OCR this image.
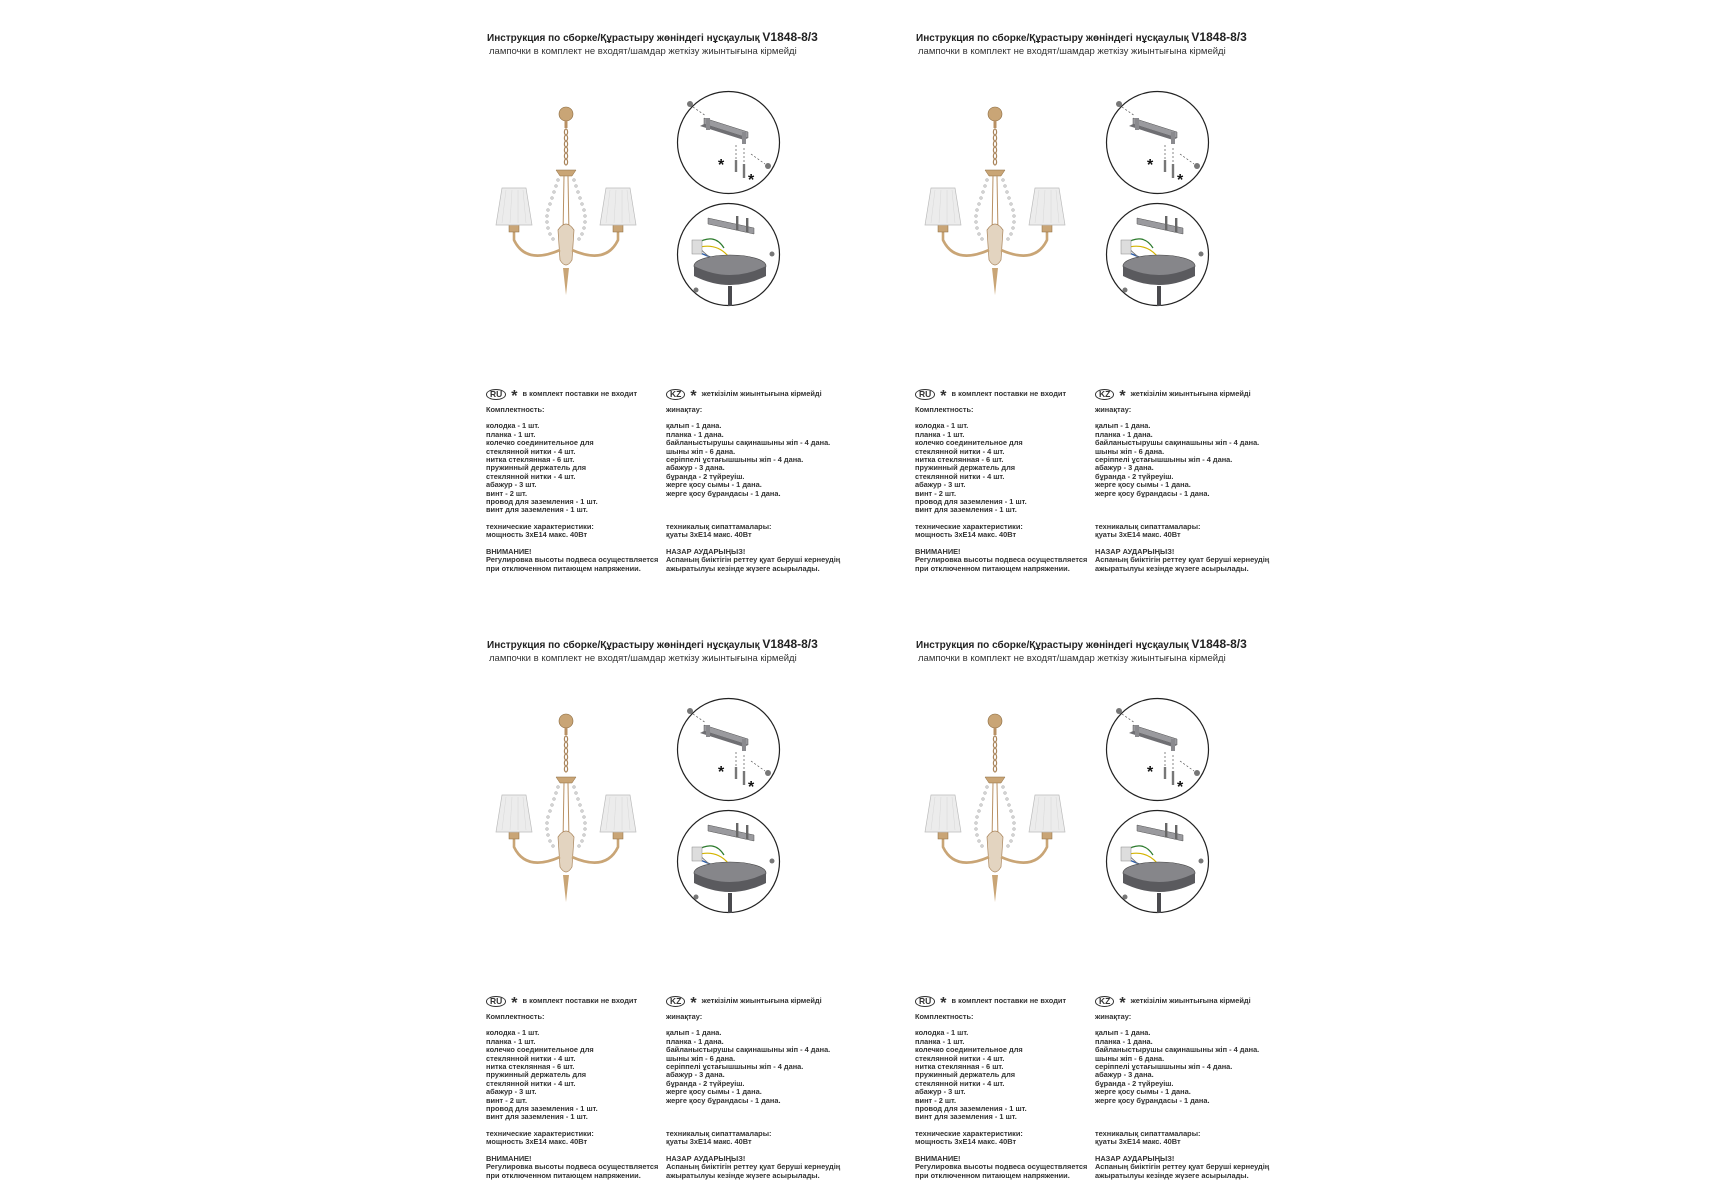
Инструкция по сборке/Құрастыру жөніндегі нұсқаулық V1848-8/3
лампочки в комплект не входят/шамдар жеткізу жиынтығына кірмейді
*
*
RU * в комплект поставки не входит
Комплектность:
колодка - 1 шт.
планка - 1 шт.
колечко соединительное для
стеклянной нитки - 4 шт.
нитка стеклянная - 6 шт.
пружинный держатель для
стеклянной нитки - 4 шт.
абажур - 3 шт.
винт - 2 шт.
провод для заземления - 1 шт.
винт для заземления - 1 шт.
технические характеристики:
мощность 3хЕ14 макс. 40Вт
ВНИМАНИЕ!
Регулировка высоты подвеса осуществляется
при отключенном питающем напряжении.
KZ * жеткізілім жиынтығына кірмейді
жинақтау:
қалып - 1 дана.
планка - 1 дана.
байланыстырушы сақинашыны жіп - 4 дана.
шыны жіп - 6 дана.
серіппелі ұстағышшыны жіп - 4 дана.
абажур - 3 дана.
бұранда - 2 түйреуіш.
жерге қосу сымы - 1 дана.
жерге қосу бұрандасы - 1 дана.
техникалық сипаттамалары:
қуаты 3хЕ14 макс. 40Вт
НАЗАР АУДАРЫҢЫЗ!
Аспаның биіктігін реттеу қуат беруші кернеудің
ажыратылуы кезінде жүзеге асырылады.
Инструкция по сборке/Құрастыру жөніндегі нұсқаулық V1848-8/3
лампочки в комплект не входят/шамдар жеткізу жиынтығына кірмейді
*
*
RU * в комплект поставки не входит
Комплектность:
колодка - 1 шт.
планка - 1 шт.
колечко соединительное для
стеклянной нитки - 4 шт.
нитка стеклянная - 6 шт.
пружинный держатель для
стеклянной нитки - 4 шт.
абажур - 3 шт.
винт - 2 шт.
провод для заземления - 1 шт.
винт для заземления - 1 шт.
технические характеристики:
мощность 3хЕ14 макс. 40Вт
ВНИМАНИЕ!
Регулировка высоты подвеса осуществляется
при отключенном питающем напряжении.
KZ * жеткізілім жиынтығына кірмейді
жинақтау:
қалып - 1 дана.
планка - 1 дана.
байланыстырушы сақинашыны жіп - 4 дана.
шыны жіп - 6 дана.
серіппелі ұстағышшыны жіп - 4 дана.
абажур - 3 дана.
бұранда - 2 түйреуіш.
жерге қосу сымы - 1 дана.
жерге қосу бұрандасы - 1 дана.
техникалық сипаттамалары:
қуаты 3хЕ14 макс. 40Вт
НАЗАР АУДАРЫҢЫЗ!
Аспаның биіктігін реттеу қуат беруші кернеудің
ажыратылуы кезінде жүзеге асырылады.
Инструкция по сборке/Құрастыру жөніндегі нұсқаулық V1848-8/3
лампочки в комплект не входят/шамдар жеткізу жиынтығына кірмейді
*
*
RU * в комплект поставки не входит
Комплектность:
колодка - 1 шт.
планка - 1 шт.
колечко соединительное для
стеклянной нитки - 4 шт.
нитка стеклянная - 6 шт.
пружинный держатель для
стеклянной нитки - 4 шт.
абажур - 3 шт.
винт - 2 шт.
провод для заземления - 1 шт.
винт для заземления - 1 шт.
технические характеристики:
мощность 3хЕ14 макс. 40Вт
ВНИМАНИЕ!
Регулировка высоты подвеса осуществляется
при отключенном питающем напряжении.
KZ * жеткізілім жиынтығына кірмейді
жинақтау:
қалып - 1 дана.
планка - 1 дана.
байланыстырушы сақинашыны жіп - 4 дана.
шыны жіп - 6 дана.
серіппелі ұстағышшыны жіп - 4 дана.
абажур - 3 дана.
бұранда - 2 түйреуіш.
жерге қосу сымы - 1 дана.
жерге қосу бұрандасы - 1 дана.
техникалық сипаттамалары:
қуаты 3хЕ14 макс. 40Вт
НАЗАР АУДАРЫҢЫЗ!
Аспаның биіктігін реттеу қуат беруші кернеудің
ажыратылуы кезінде жүзеге асырылады.
Инструкция по сборке/Құрастыру жөніндегі нұсқаулық V1848-8/3
лампочки в комплект не входят/шамдар жеткізу жиынтығына кірмейді
*
*
RU * в комплект поставки не входит
Комплектность:
колодка - 1 шт.
планка - 1 шт.
колечко соединительное для
стеклянной нитки - 4 шт.
нитка стеклянная - 6 шт.
пружинный держатель для
стеклянной нитки - 4 шт.
абажур - 3 шт.
винт - 2 шт.
провод для заземления - 1 шт.
винт для заземления - 1 шт.
технические характеристики:
мощность 3хЕ14 макс. 40Вт
ВНИМАНИЕ!
Регулировка высоты подвеса осуществляется
при отключенном питающем напряжении.
KZ * жеткізілім жиынтығына кірмейді
жинақтау:
қалып - 1 дана.
планка - 1 дана.
байланыстырушы сақинашыны жіп - 4 дана.
шыны жіп - 6 дана.
серіппелі ұстағышшыны жіп - 4 дана.
абажур - 3 дана.
бұранда - 2 түйреуіш.
жерге қосу сымы - 1 дана.
жерге қосу бұрандасы - 1 дана.
техникалық сипаттамалары:
қуаты 3хЕ14 макс. 40Вт
НАЗАР АУДАРЫҢЫЗ!
Аспаның биіктігін реттеу қуат беруші кернеудің
ажыратылуы кезінде жүзеге асырылады.
